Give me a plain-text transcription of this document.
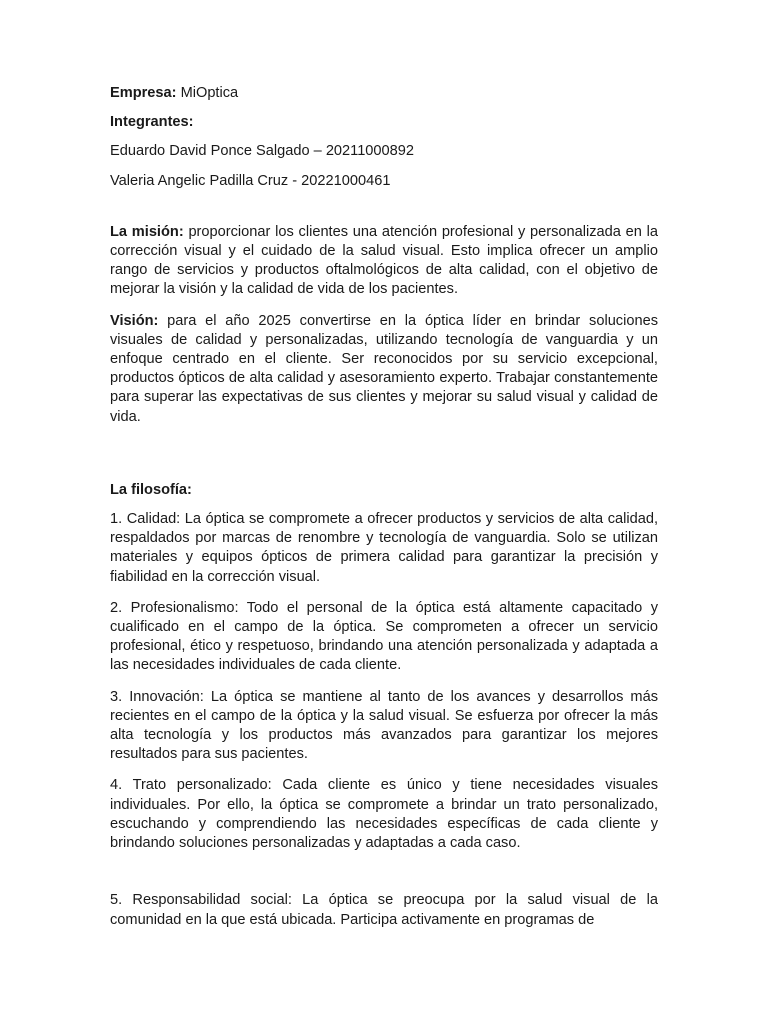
Empresa: MiOptica

Integrantes:

Eduardo David Ponce Salgado – 20211000892

Valeria Angelic Padilla Cruz - 20221000461

La misión: proporcionar los clientes una atención profesional y personalizada en la corrección visual y el cuidado de la salud visual. Esto implica ofrecer un amplio rango de servicios y productos oftalmológicos de alta calidad, con el objetivo de mejorar la visión y la calidad de vida de los pacientes.

Visión: para el año 2025 convertirse en la óptica líder en brindar soluciones visuales de calidad y personalizadas, utilizando tecnología de vanguardia y un enfoque centrado en el cliente. Ser reconocidos por su servicio excepcional, productos ópticos de alta calidad y asesoramiento experto. Trabajar constantemente para superar las expectativas de sus clientes y mejorar su salud visual y calidad de vida.

La filosofía:

1. Calidad: La óptica se compromete a ofrecer productos y servicios de alta calidad, respaldados por marcas de renombre y tecnología de vanguardia. Solo se utilizan materiales y equipos ópticos de primera calidad para garantizar la precisión y fiabilidad en la corrección visual.

2. Profesionalismo: Todo el personal de la óptica está altamente capacitado y cualificado en el campo de la óptica. Se comprometen a ofrecer un servicio profesional, ético y respetuoso, brindando una atención personalizada y adaptada a las necesidades individuales de cada cliente.

3. Innovación: La óptica se mantiene al tanto de los avances y desarrollos más recientes en el campo de la óptica y la salud visual. Se esfuerza por ofrecer la más alta tecnología y los productos más avanzados para garantizar los mejores resultados para sus pacientes.

4. Trato personalizado: Cada cliente es único y tiene necesidades visuales individuales. Por ello, la óptica se compromete a brindar un trato personalizado, escuchando y comprendiendo las necesidades específicas de cada cliente y brindando soluciones personalizadas y adaptadas a cada caso.

5. Responsabilidad social: La óptica se preocupa por la salud visual de la comunidad en la que está ubicada. Participa activamente en programas de
